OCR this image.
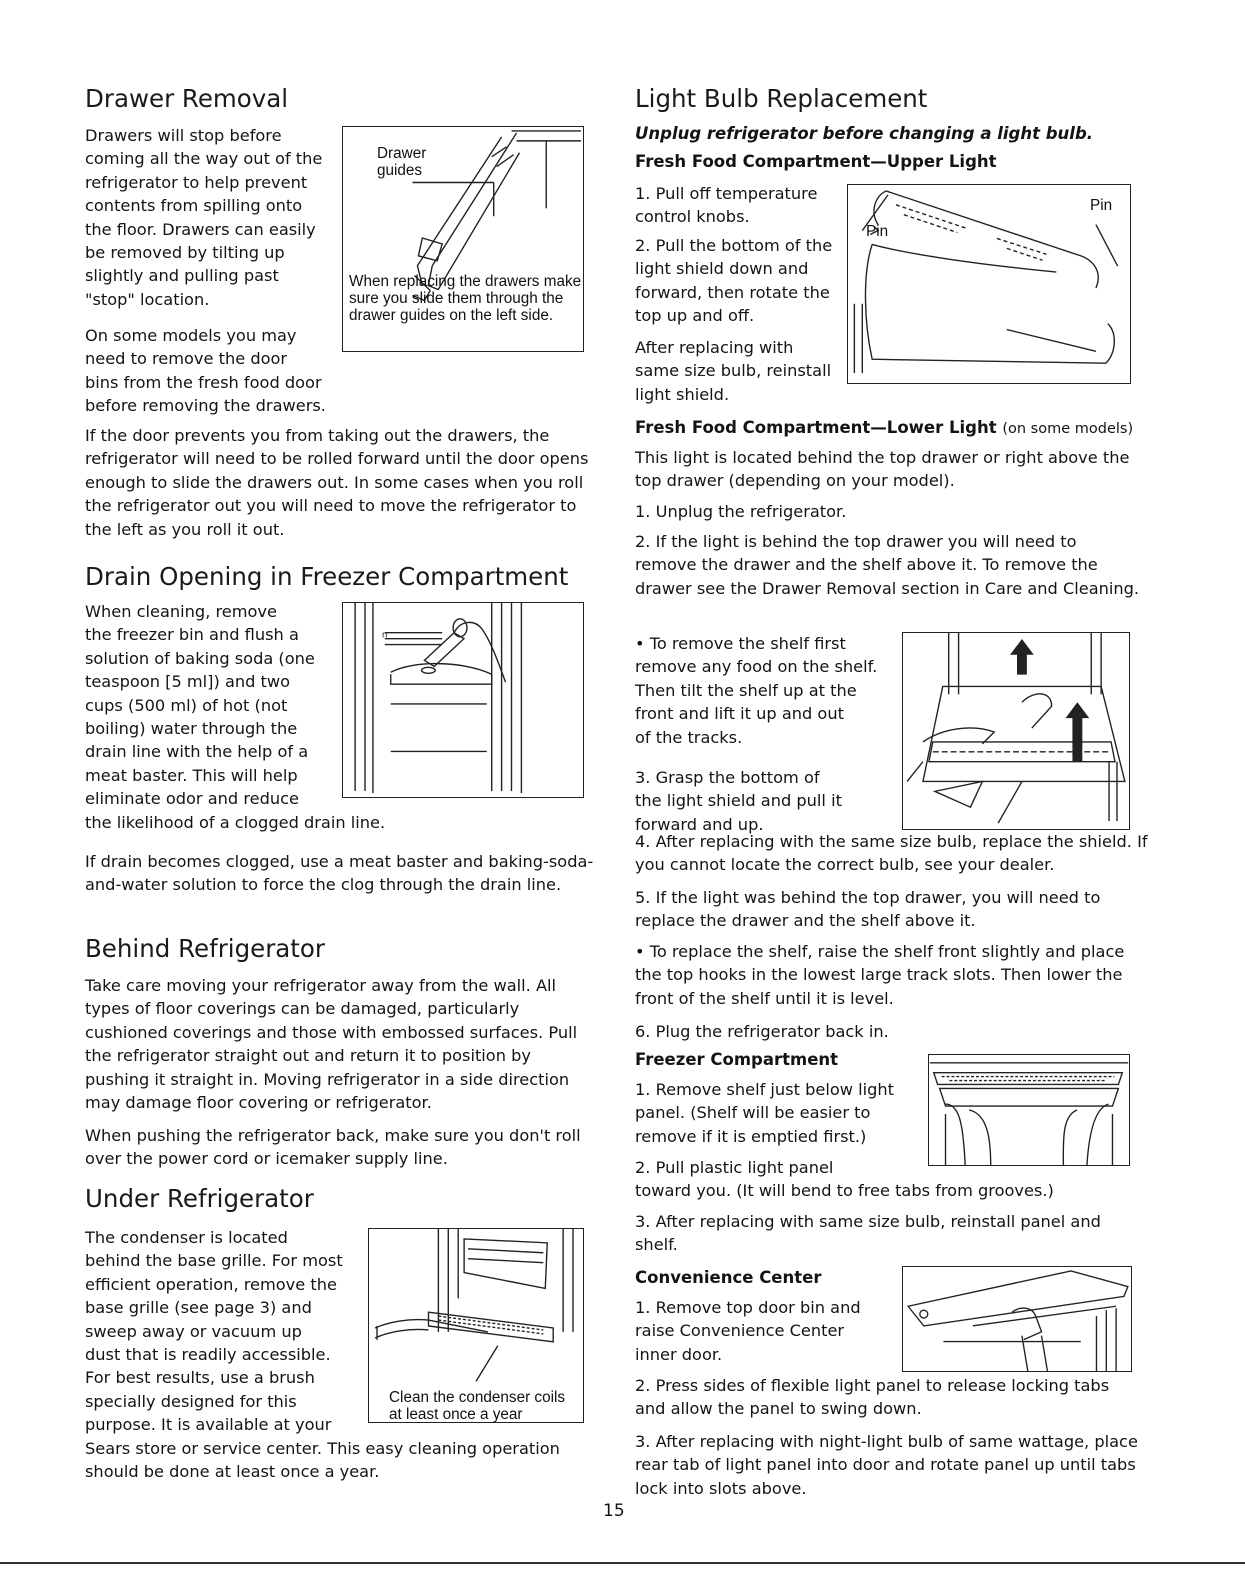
Drawer Removal
Drawers will stop before
coming all the way out of the
refrigerator to help prevent
contents from spilling onto
the floor. Drawers can easily
be removed by tilting up
slightly and pulling past
"stop" location.
On some models you may
need to remove the door
bins from the fresh food door
before removing the drawers.
Drawer guides
When replacing the drawers make sure you slide them through the drawer guides on the left side.
If the door prevents you from taking out the drawers, the refrigerator will need to be rolled forward until the door opens enough to slide the drawers out. In some cases when you roll the refrigerator out you will need to move the refrigerator to the left as you roll it out.
Drain Opening in Freezer Compartment
When cleaning, remove
the freezer bin and flush a
solution of baking soda (one
teaspoon [5 ml]) and two
cups (500 ml) of hot (not
boiling) water through the
drain line with the help of a
meat baster. This will help
eliminate odor and reduce
the likelihood of a clogged drain line.
n
If drain becomes clogged, use a meat baster and baking-soda-and-water solution to force the clog through the drain line.
Behind Refrigerator
Take care moving your refrigerator away from the wall. All types of floor coverings can be damaged, particularly cushioned coverings and those with embossed surfaces. Pull the refrigerator straight out and return it to position by pushing it straight in. Moving refrigerator in a side direction may damage floor covering or refrigerator.
When pushing the refrigerator back, make sure you don't roll over the power cord or icemaker supply line.
Under Refrigerator
The condenser is located
behind the base grille. For most
efficient operation, remove the
base grille (see page 3) and
sweep away or vacuum up
dust that is readily accessible.
For best results, use a brush
specially designed for this
purpose. It is available at your
Sears store or service center. This easy cleaning operation should be done at least once a year.
Clean the condenser coils at least once a year
Light Bulb Replacement
Unplug refrigerator before changing a light bulb.
Fresh Food Compartment—Upper Light
1. Pull off temperature
control knobs.
2. Pull the bottom of the
light shield down and
forward, then rotate the
top up and off.
After replacing with
same size bulb, reinstall
light shield.
Pin
Pin
Fresh Food Compartment—Lower Light (on some models)
This light is located behind the top drawer or right above the top drawer (depending on your model).
1. Unplug the refrigerator.
2. If the light is behind the top drawer you will need to remove the drawer and the shelf above it. To remove the drawer see the Drawer Removal section in Care and Cleaning.
• To remove the shelf first
remove any food on the shelf.
Then tilt the shelf up at the
front and lift it up and out
of the tracks.
3. Grasp the bottom of
the light shield and pull it
forward and up.
4. After replacing with the same size bulb, replace the shield. If you cannot locate the correct bulb, see your dealer.
5. If the light was behind the top drawer, you will need to replace the drawer and the shelf above it.
• To replace the shelf, raise the shelf front slightly and place the top hooks in the lowest large track slots. Then lower the front of the shelf until it is level.
6. Plug the refrigerator back in.
Freezer Compartment
1. Remove shelf just below light
panel. (Shelf will be easier to
remove if it is emptied first.)
2. Pull plastic light panel
toward you. (It will bend to free tabs from grooves.)
3. After replacing with same size bulb, reinstall panel and shelf.
Convenience Center
1. Remove top door bin and
raise Convenience Center
inner door.
2. Press sides of flexible light panel to release locking tabs and allow the panel to swing down.
3. After replacing with night-light bulb of same wattage, place rear tab of light panel into door and rotate panel up until tabs lock into slots above.
15
